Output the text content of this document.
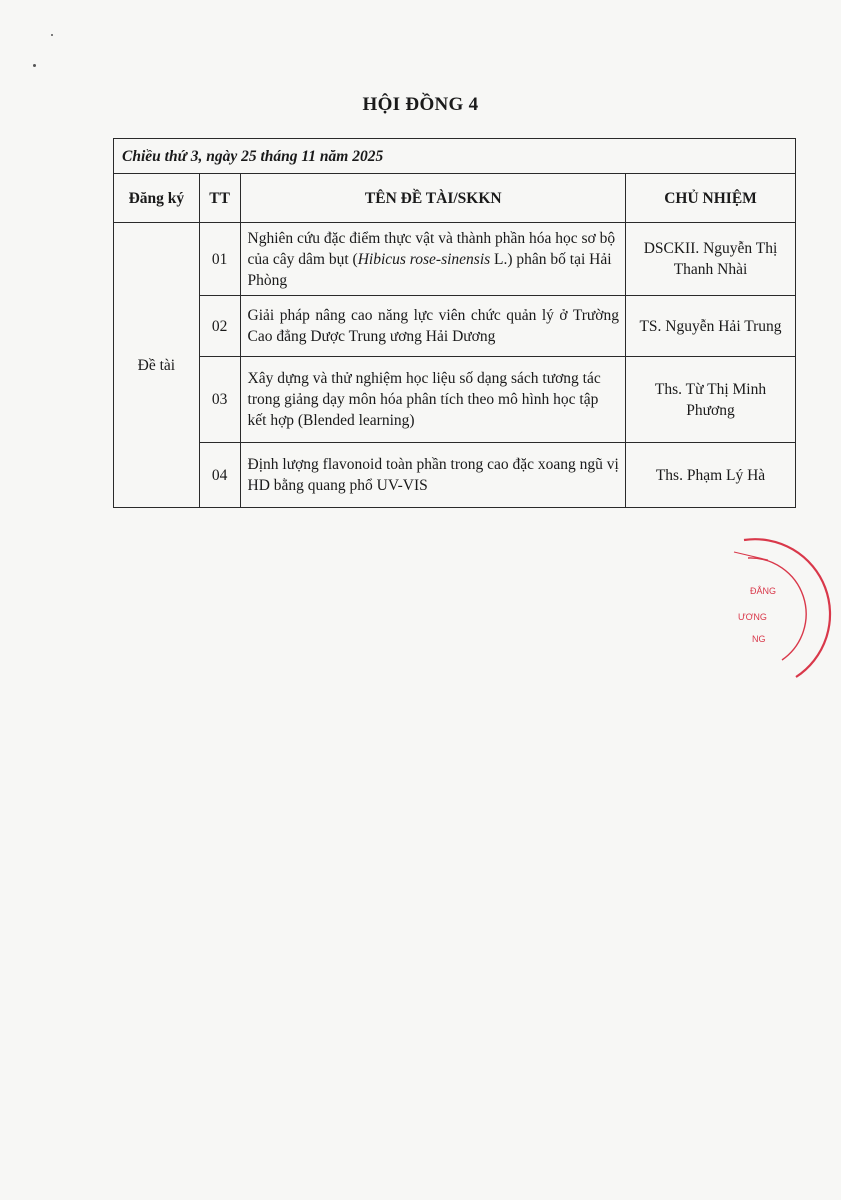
HỘI ĐỒNG 4
Chiều thứ 3, ngày 25 tháng 11 năm 2025			
Đăng ký	TT	TÊN ĐỀ TÀI/SKKN	CHỦ NHIỆM
Đề tài	01	Nghiên cứu đặc điểm thực vật và thành phần hóa học sơ bộ của cây dâm bụt (Hibicus rose-sinensis L.) phân bố tại Hải Phòng	DSCKII. Nguyễn Thị Thanh Nhài
	02	Giải pháp nâng cao năng lực viên chức quản lý ở Trường Cao đẳng Dược Trung ương Hải Dương	TS. Nguyễn Hải Trung
	03	Xây dựng và thử nghiệm học liệu số dạng sách tương tác trong giảng dạy môn hóa phân tích theo mô hình học tập kết hợp (Blended learning)	Ths. Từ Thị Minh Phương
	04	Định lượng flavonoid toàn phần trong cao đặc xoang ngũ vị HD bằng quang phổ UV-VIS	Ths. Phạm Lý Hà
ĐẲNG
ƯƠNG
NG
